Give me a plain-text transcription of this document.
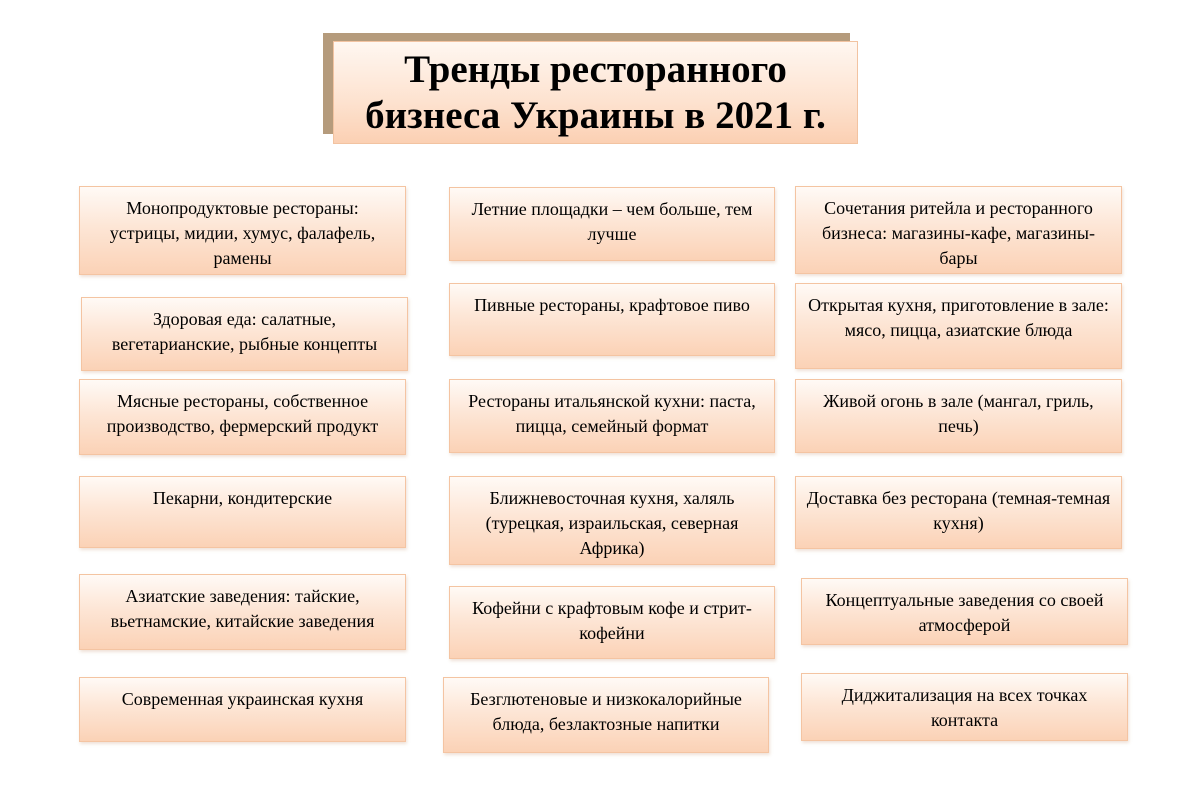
Тренды ресторанного
бизнеса Украины в 2021 г.
Монопродуктовые рестораны: устрицы, мидии, хумус, фалафель, рамены
Здоровая еда: салатные, вегетарианские, рыбные концепты
Мясные рестораны, собственное производство, фермерский продукт
Пекарни, кондитерские
Азиатские заведения: тайские, вьетнамские, китайские заведения
Современная украинская кухня
Летние площадки – чем больше, тем лучше
Пивные рестораны, крафтовое пиво
Рестораны итальянской кухни: паста, пицца, семейный формат
Ближневосточная кухня, халяль (турецкая, израильская, северная Африка)
Кофейни с крафтовым кофе и стрит-кофейни
Безглютеновые и низкокалорийные блюда, безлактозные напитки
Сочетания ритейла и ресторанного бизнеса: магазины-кафе, магазины-бары
Открытая кухня, приготовление в зале: мясо, пицца, азиатские блюда
Живой огонь в зале (мангал, гриль, печь)
Доставка без ресторана (темная-темная кухня)
Концептуальные заведения со своей атмосферой
Диджитализация на всех точках контакта
